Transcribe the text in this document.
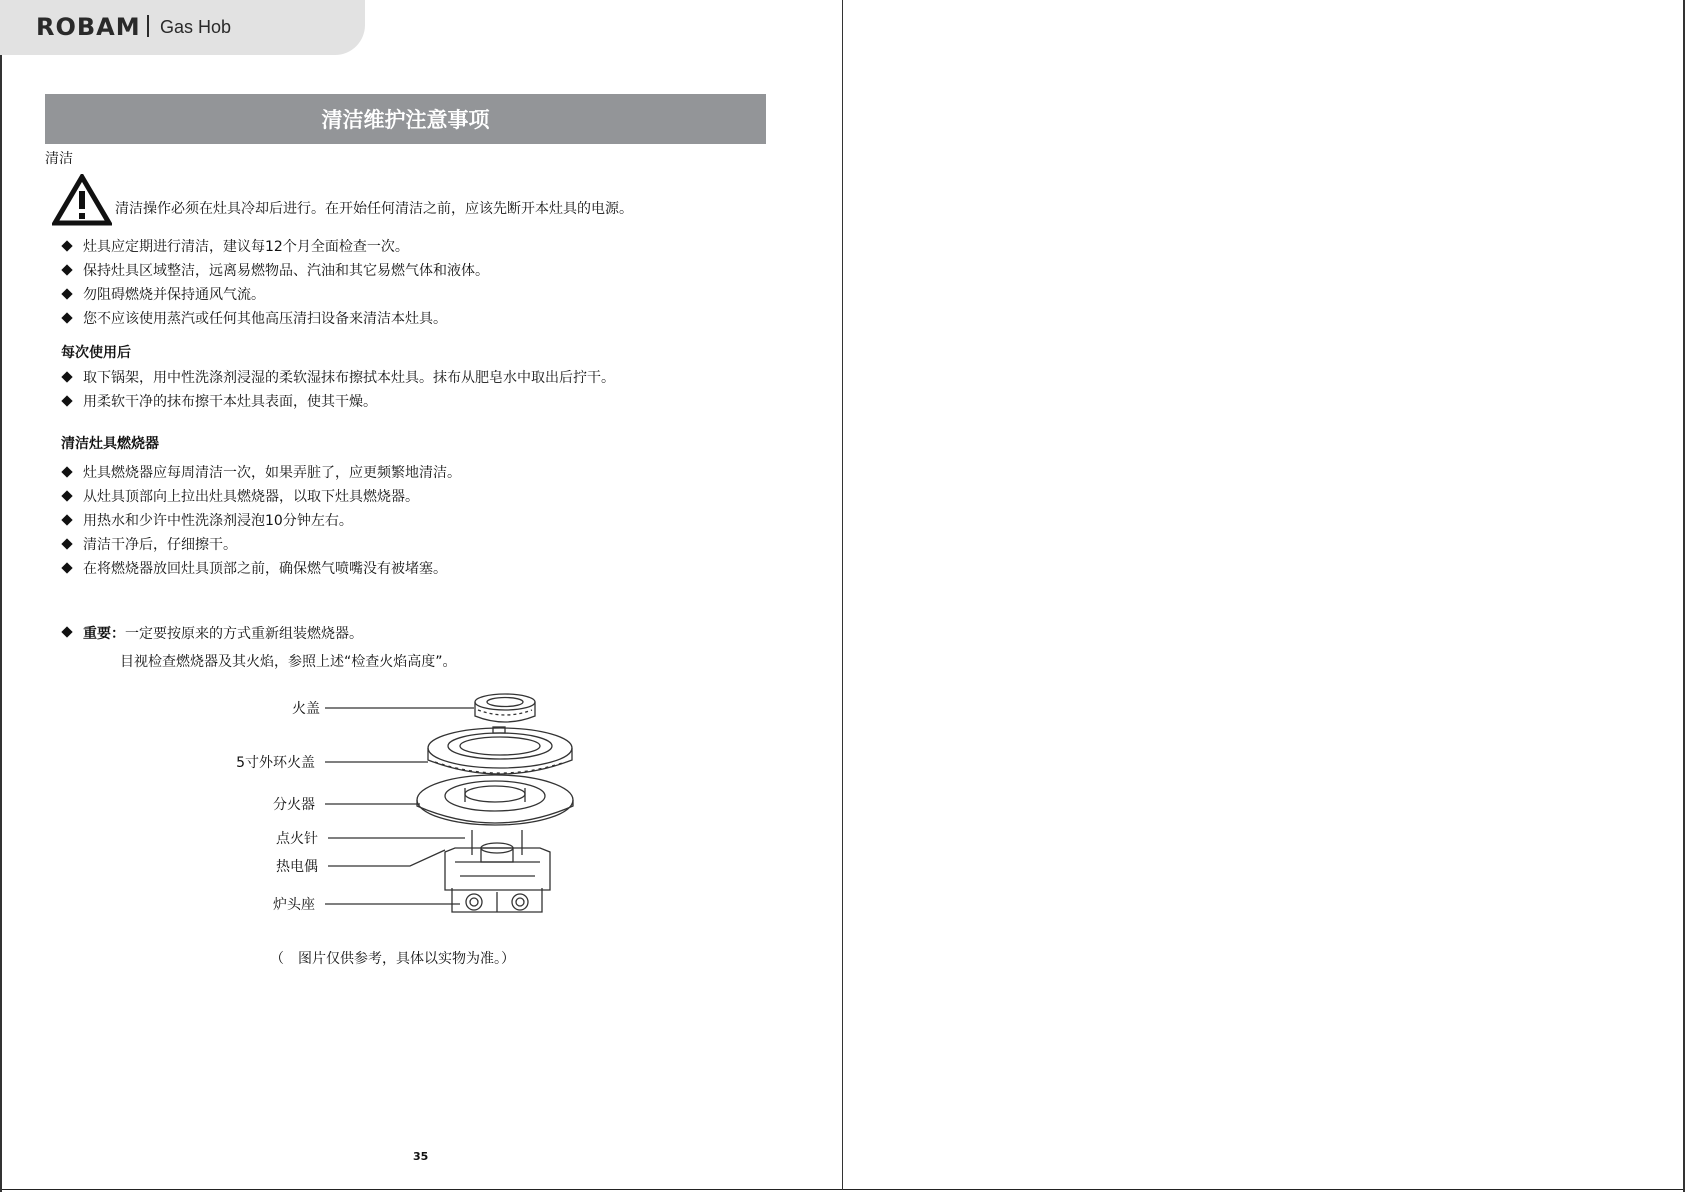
ROBAM Gas Hob
清洁维护注意事项
清洁
清洁操作必须在灶具冷却后进行。在开始任何清洁之前，应该先断开本灶具的电源。
灶具应定期进行清洁，建议每12个月全面检查一次。
保持灶具区域整洁，远离易燃物品、汽油和其它易燃气体和液体。
勿阻碍燃烧并保持通风气流。
您不应该使用蒸汽或任何其他高压清扫设备来清洁本灶具。
每次使用后
取下锅架，用中性洗涤剂浸湿的柔软湿抹布擦拭本灶具。抹布从肥皂水中取出后拧干。
用柔软干净的抹布擦干本灶具表面，使其干燥。
清洁灶具燃烧器
灶具燃烧器应每周清洁一次，如果弄脏了，应更频繁地清洁。
从灶具顶部向上拉出灶具燃烧器，以取下灶具燃烧器。
用热水和少许中性洗涤剂浸泡10分钟左右。
清洁干净后，仔细擦干。
在将燃烧器放回灶具顶部之前，确保燃气喷嘴没有被堵塞。
重要：一定要按原来的方式重新组装燃烧器。
目视检查燃烧器及其火焰，参照上述“检查火焰高度”。
火盖
5寸外环火盖
分火器
点火针
热电偶
炉头座
（　图片仅供参考，具体以实物为准。）
35
